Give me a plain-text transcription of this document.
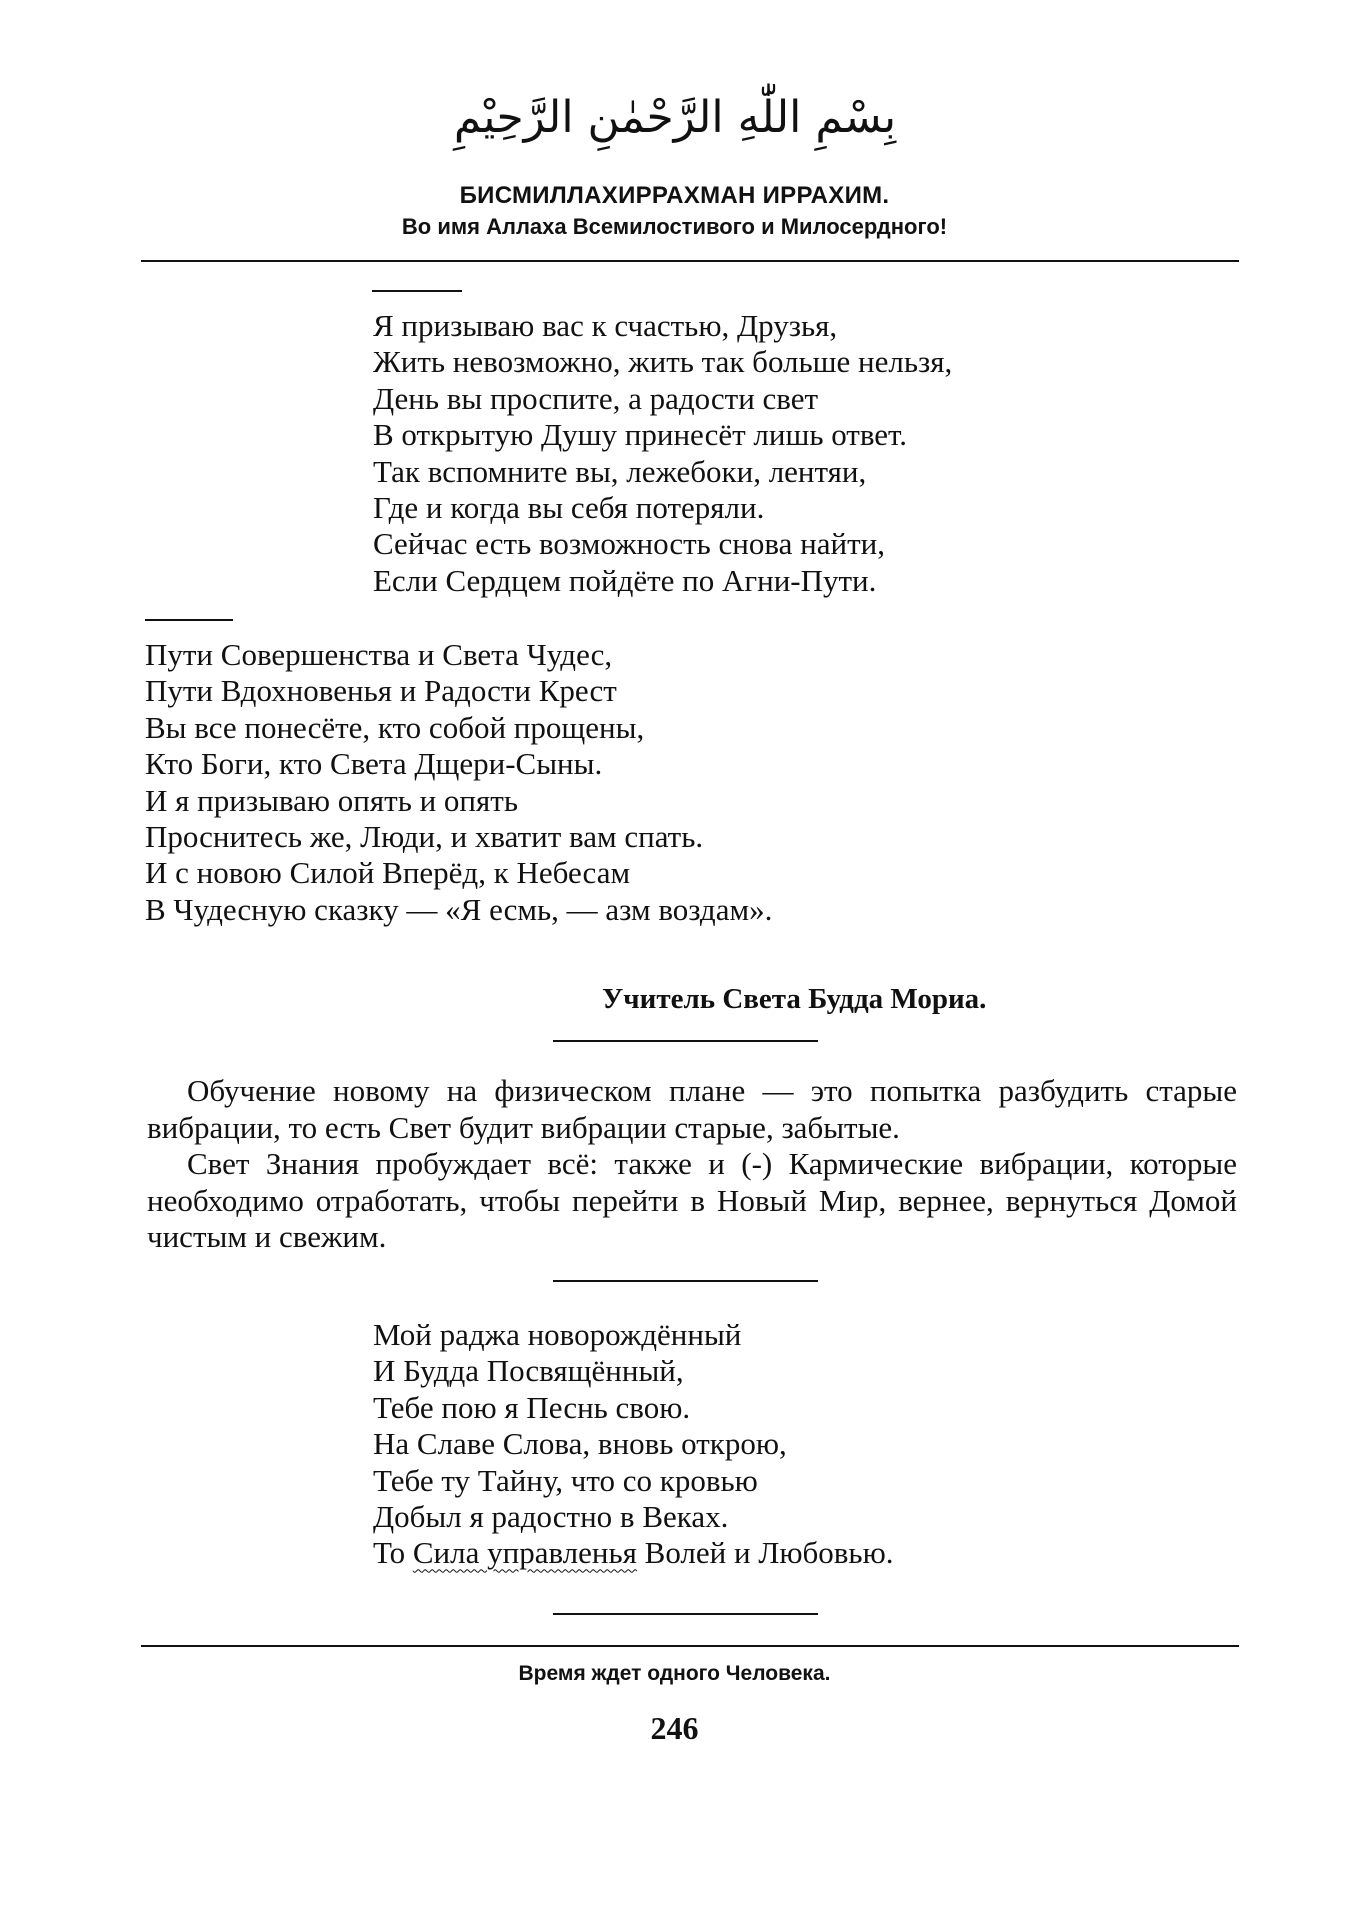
بِسْمِ اللّٰهِ الرَّحْمٰنِ الرَّحِيْمِ
БИСМИЛЛАХИРРАХМАН ИРРАХИМ.
Во имя Аллаха Всемилостивого и Милосердного!
Я призываю вас к счастью, Друзья,
Жить невозможно, жить так больше нельзя,
День вы проспите, а радости свет
В открытую Душу принесёт лишь ответ.
Так вспомните вы, лежебоки, лентяи,
Где и когда вы себя потеряли.
Сейчас есть возможность снова найти,
Если Сердцем пойдёте по Агни-Пути.
Пути Совершенства и Света Чудес,
Пути Вдохновенья и Радости Крест
Вы все понесёте, кто собой прощены,
Кто Боги, кто Света Дщери-Сыны.
И я призываю опять и опять
Проснитесь же, Люди, и хватит вам спать.
И с новою Силой Вперёд, к Небесам
В Чудесную сказку — «Я есмь, — азм воздам».
Учитель Света Будда Мориа.

Обучение новому на физическом плане — это попытка разбудить старые вибрации, то есть Свет будит вибрации старые, забытые.

Свет Знания пробуждает всё: также и (-) Кармические вибрации, которые необходимо отработать, чтобы перейти в Новый Мир, вернее, вернуться Домой чистым и свежим.

Мой раджа новорождённый
И Будда Посвящённый,
Тебе пою я Песнь свою.
На Славе Слова, вновь открою,
Тебе ту Тайну, что со кровью
Добыл я радостно в Веках.
То Сила управленья Волей и Любовью.
Время ждет одного Человека.
246
